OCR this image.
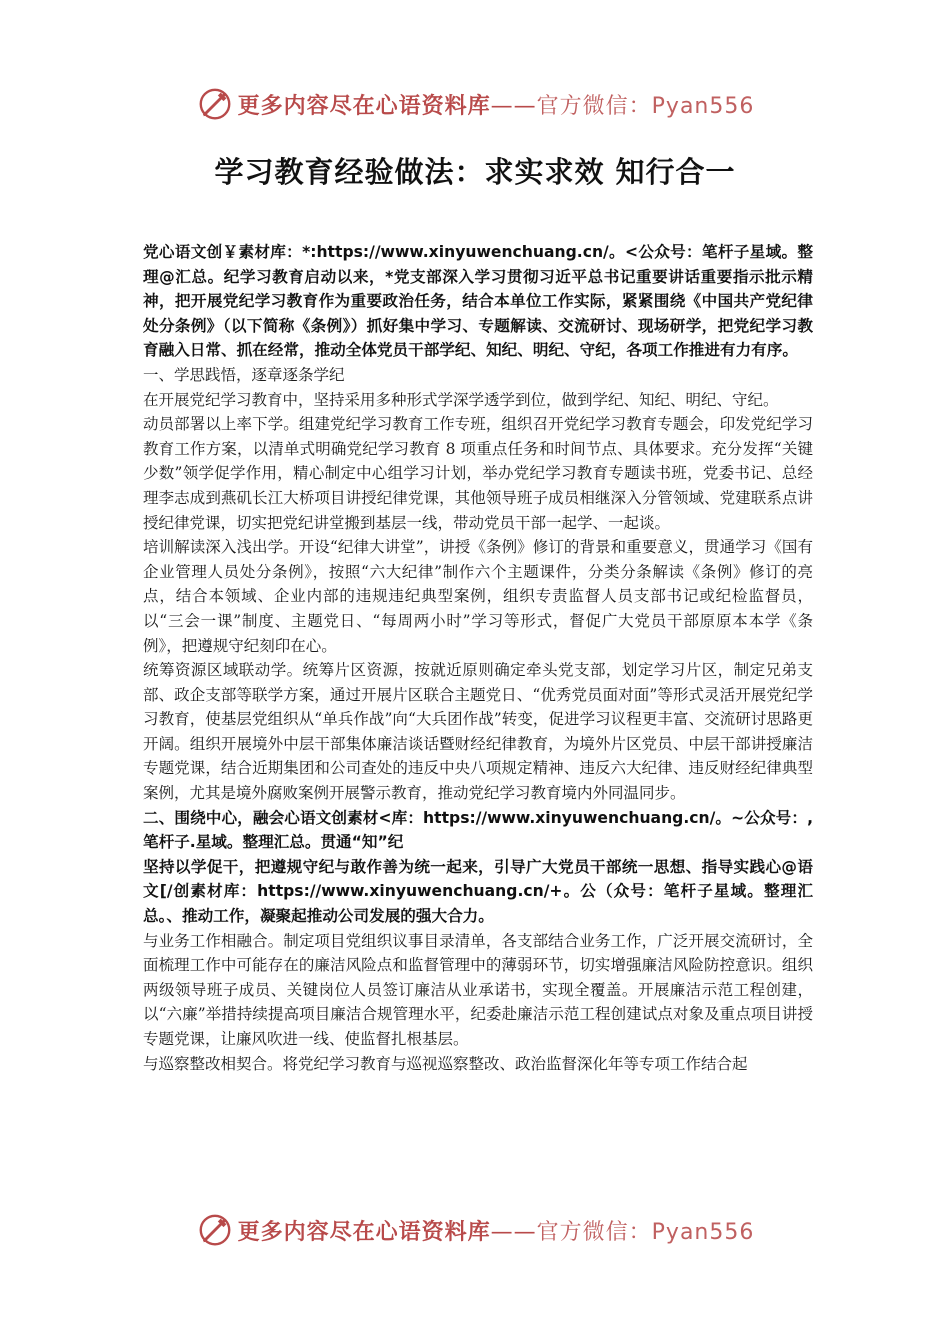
更多内容尽在心语资料库——官方微信：Pyan556
学习教育经验做法：求实求效 知行合一

党心语文创￥素材库：*:https://www.xinyuwenchuang.cn/。<公众号：笔杆子星域。整理@汇总。纪学习教育启动以来，*党支部深入学习贯彻习近平总书记重要讲话重要指示批示精神，把开展党纪学习教育作为重要政治任务，结合本单位工作实际，紧紧围绕《中国共产党纪律处分条例》（以下简称《条例》）抓好集中学习、专题解读、交流研讨、现场研学，把党纪学习教育融入日常、抓在经常，推动全体党员干部学纪、知纪、明纪、守纪，各项工作推进有力有序。

一、学思践悟，逐章逐条学纪

在开展党纪学习教育中，坚持采用多种形式学深学透学到位，做到学纪、知纪、明纪、守纪。

动员部署以上率下学。组建党纪学习教育工作专班，组织召开党纪学习教育专题会，印发党纪学习教育工作方案，以清单式明确党纪学习教育 8 项重点任务和时间节点、具体要求。充分发挥“关键少数”领学促学作用，精心制定中心组学习计划，举办党纪学习教育专题读书班，党委书记、总经理李志成到燕矶长江大桥项目讲授纪律党课，其他领导班子成员相继深入分管领域、党建联系点讲授纪律党课，切实把党纪讲堂搬到基层一线，带动党员干部一起学、一起谈。

培训解读深入浅出学。开设“纪律大讲堂”，讲授《条例》修订的背景和重要意义，贯通学习《国有企业管理人员处分条例》，按照“六大纪律”制作六个主题课件，分类分条解读《条例》修订的亮点，结合本领域、企业内部的违规违纪典型案例，组织专责监督人员支部书记或纪检监督员，以“三会一课”制度、主题党日、“每周两小时”学习等形式，督促广大党员干部原原本本学《条例》，把遵规守纪刻印在心。

统筹资源区域联动学。统筹片区资源，按就近原则确定牵头党支部，划定学习片区，制定兄弟支部、政企支部等联学方案，通过开展片区联合主题党日、“优秀党员面对面”等形式灵活开展党纪学习教育，使基层党组织从“单兵作战”向“大兵团作战”转变，促进学习议程更丰富、交流研讨思路更开阔。组织开展境外中层干部集体廉洁谈话暨财经纪律教育，为境外片区党员、中层干部讲授廉洁专题党课，结合近期集团和公司查处的违反中央八项规定精神、违反六大纪律、违反财经纪律典型案例，尤其是境外腐败案例开展警示教育，推动党纪学习教育境内外同温同步。

二、围绕中心，融会心语文创素材<库：https://www.xinyuwenchuang.cn/。~公众号：,笔杆子.星域。整理汇总。贯通“知”纪

坚持以学促干，把遵规守纪与敢作善为统一起来，引导广大党员干部统一思想、指导实践心@语文[/创素材库：https://www.xinyuwenchuang.cn/+。公（众号：笔杆子星域。整理汇总。、推动工作，凝聚起推动公司发展的强大合力。

与业务工作相融合。制定项目党组织议事目录清单，各支部结合业务工作，广泛开展交流研讨，全面梳理工作中可能存在的廉洁风险点和监督管理中的薄弱环节，切实增强廉洁风险防控意识。组织两级领导班子成员、关键岗位人员签订廉洁从业承诺书，实现全覆盖。开展廉洁示范工程创建，以“六廉”举措持续提高项目廉洁合规管理水平，纪委赴廉洁示范工程创建试点对象及重点项目讲授专题党课，让廉风吹进一线、使监督扎根基层。

与巡察整改相契合。将党纪学习教育与巡视巡察整改、政治监督深化年等专项工作结合起

更多内容尽在心语资料库——官方微信：Pyan556
